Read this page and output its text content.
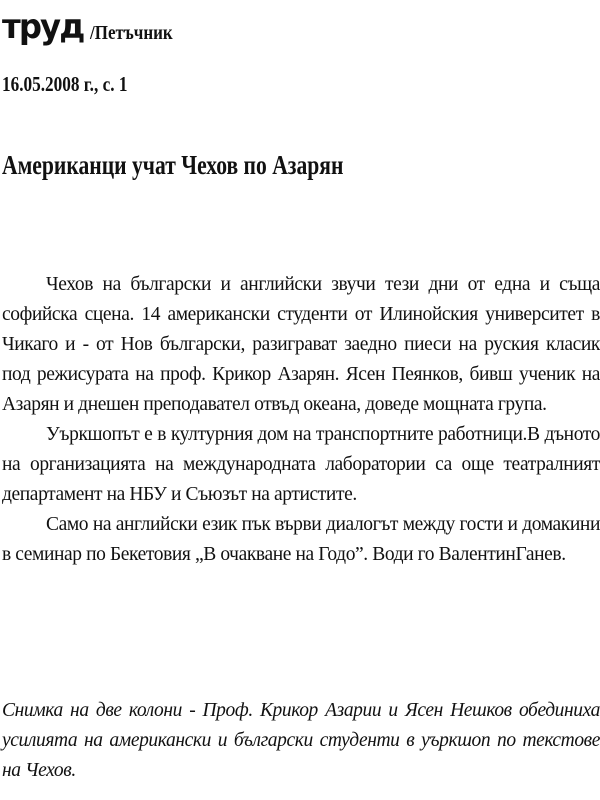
труд /Петъчник
16.05.2008 г., с. 1
Американци учат Чехов по Азарян

Чехов на български и английски звучи тези дни от една и съща софийска сцена. 14 американски студенти от Илинойския университет в Чикаго и - от Нов български, разиграват заедно пиеси на руския класик под режисурата на проф. Крикор Азарян. Ясен Пеянков, бивш ученик на Азарян и днешен преподавател отвъд океана, доведе мощната група.

Уъркшопът е в културния дом на транспортните работници.В дъното на организацията на международната лаборатории са още театралният департамент на НБУ и Съюзът на артистите.

Само на английски език пък върви диалогът между гости и домакини в семинар по Бекетовия „В очакване на Годо”. Води го ВалентинГанев.

Снимка на две колони - Проф. Крикор Азарии и Ясен Нешков обединиха усилията на американски и български студенти в уъркшоп по текстове на Чехов.
